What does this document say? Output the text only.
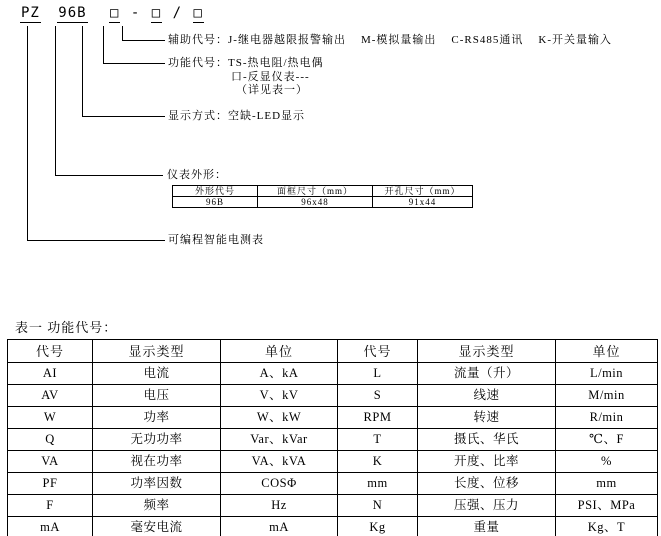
PZ 96B □ - □ / □
辅助代号：J-继电器越限报警输出 M-模拟量输出 C-RS485通讯 K-开关量输入
功能代号：TS-热电阻/热电偶
口-反显仪表---
（详见表一）
显示方式：空缺-LED显示
仪表外形：
外形代号	面框尺寸（mm）	开孔尺寸（mm）
96B	96x48	91x44
可编程智能电测表
表一 功能代号：
代号	显示类型	单位	代号	显示类型	单位
AI	电流	A、kA	L	流量（升）	L/min
AV	电压	V、kV	S	线速	M/min
W	功率	W、kW	RPM	转速	R/min
Q	无功功率	Var、kVar	T	摄氏、华氏	℃、F
VA	视在功率	VA、kVA	K	开度、比率	%
PF	功率因数	COSΦ	mm	长度、位移	mm
F	频率	Hz	N	压强、压力	PSI、MPa
mA	毫安电流	mA	Kg	重量	Kg、T
